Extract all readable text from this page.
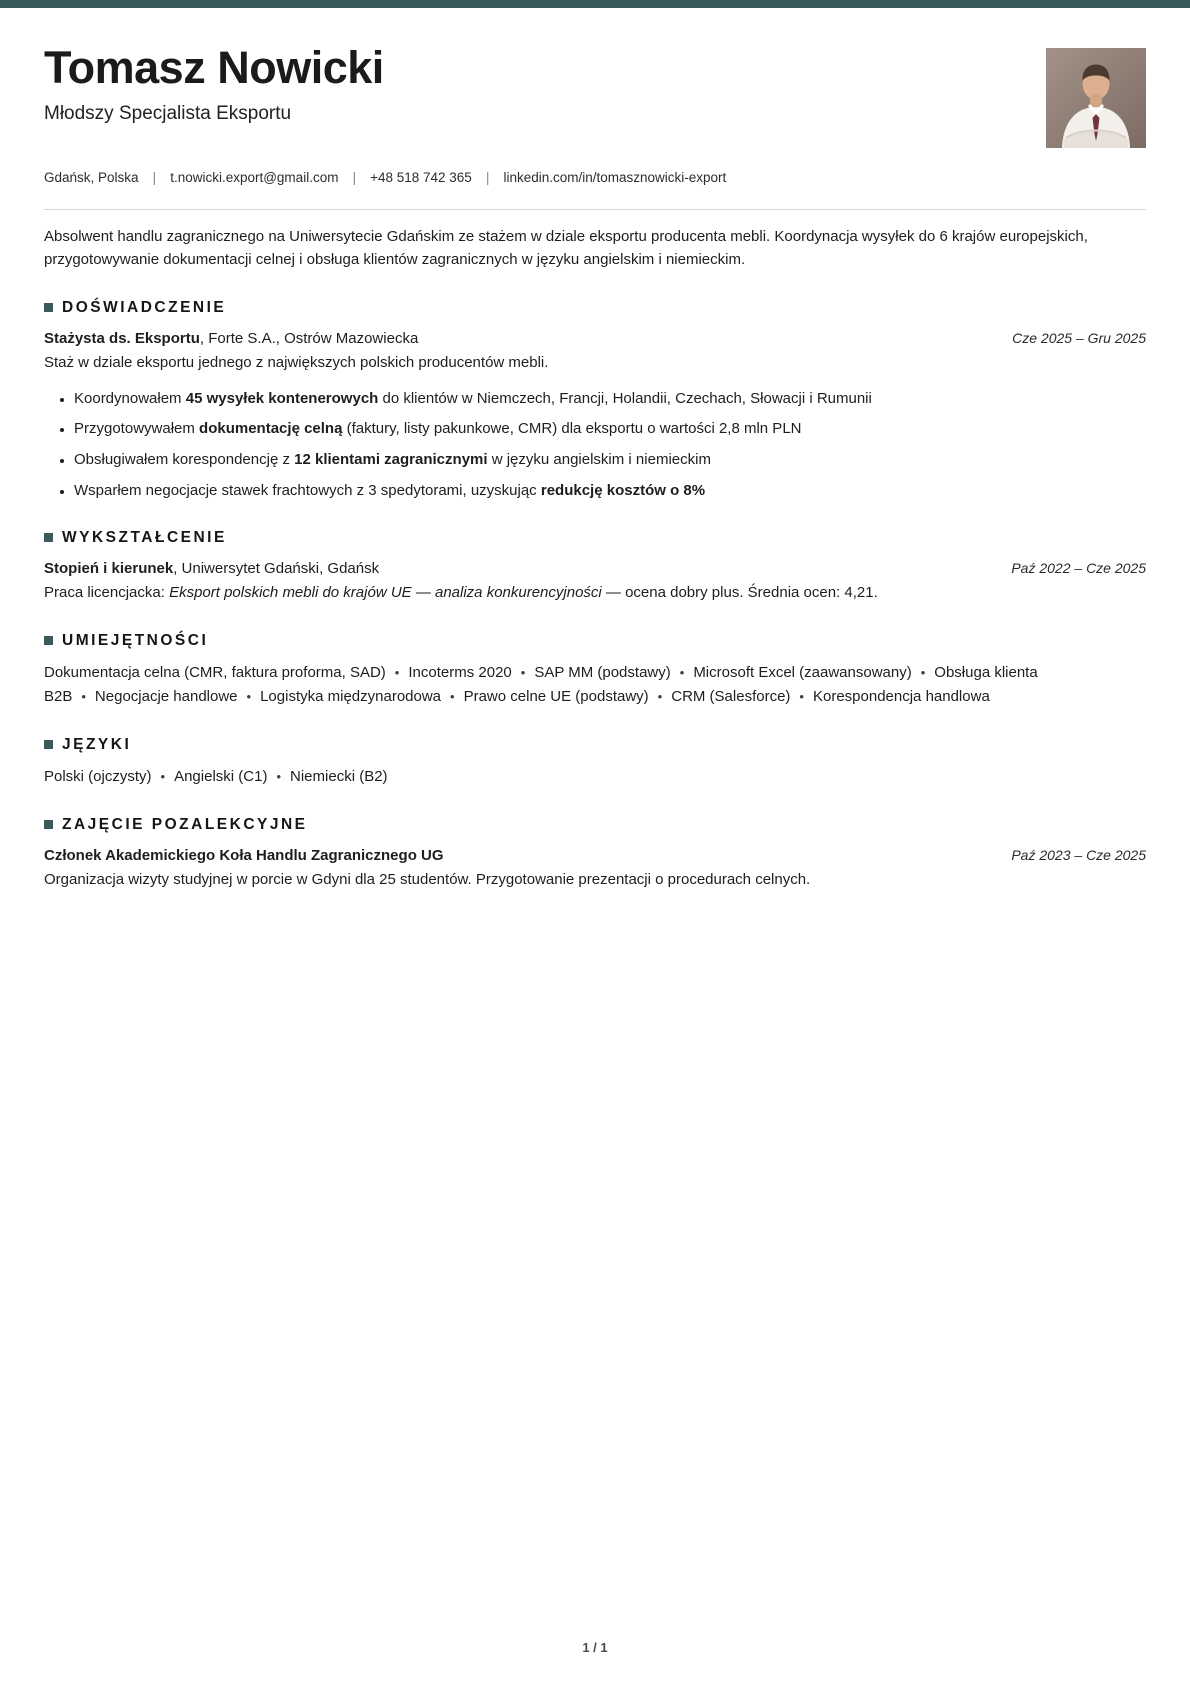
Tomasz Nowicki
Młodszy Specjalista Eksportu
Gdańsk, Polska	|	t.nowicki.export@gmail.com	|	+48 518 742 365	|	linkedin.com/in/tomasznowicki-export

Absolwent handlu zagranicznego na Uniwersytecie Gdańskim ze stażem w dziale eksportu producenta mebli. Koordynacja wysyłek do 6 krajów europejskich, przygotowywanie dokumentacji celnej i obsługa klientów zagranicznych w języku angielskim i niemieckim.

DOŚWIADCZENIE
Stażysta ds. Eksportu, Forte S.A., Ostrów Mazowiecka	Cze 2025 – Gru 2025
Staż w dziale eksportu jednego z największych polskich producentów mebli.
• Koordynowałem 45 wysyłek kontenerowych do klientów w Niemczech, Francji, Holandii, Czechach, Słowacji i Rumunii
• Przygotowywałem dokumentację celną (faktury, listy pakunkowe, CMR) dla eksportu o wartości 2,8 mln PLN
• Obsługiwałem korespondencję z 12 klientami zagranicznymi w języku angielskim i niemieckim
• Wsparłem negocjacje stawek frachtowych z 3 spedytorami, uzyskując redukcję kosztów o 8%
WYKSZTAŁCENIE
Stopień i kierunek, Uniwersytet Gdański, Gdańsk	Paź 2022 – Cze 2025
Praca licencjacka: Eksport polskich mebli do krajów UE — analiza konkurencyjności — ocena dobry plus. Średnia ocen: 4,21.
UMIEJĘTNOŚCI
Dokumentacja celna (CMR, faktura proforma, SAD) • Incoterms 2020 • SAP MM (podstawy) • Microsoft Excel (zaawansowany) • Obsługa klienta B2B • Negocjacje handlowe • Logistyka międzynarodowa • Prawo celne UE (podstawy) • CRM (Salesforce) • Korespondencja handlowa
JĘZYKI
Polski (ojczysty) • Angielski (C1) • Niemiecki (B2)
ZAJĘCIE POZALEKCYJNE
Członek Akademickiego Koła Handlu Zagranicznego UG	Paź 2023 – Cze 2025
Organizacja wizyty studyjnej w porcie w Gdyni dla 25 studentów. Przygotowanie prezentacji o procedurach celnych.
1 / 1
